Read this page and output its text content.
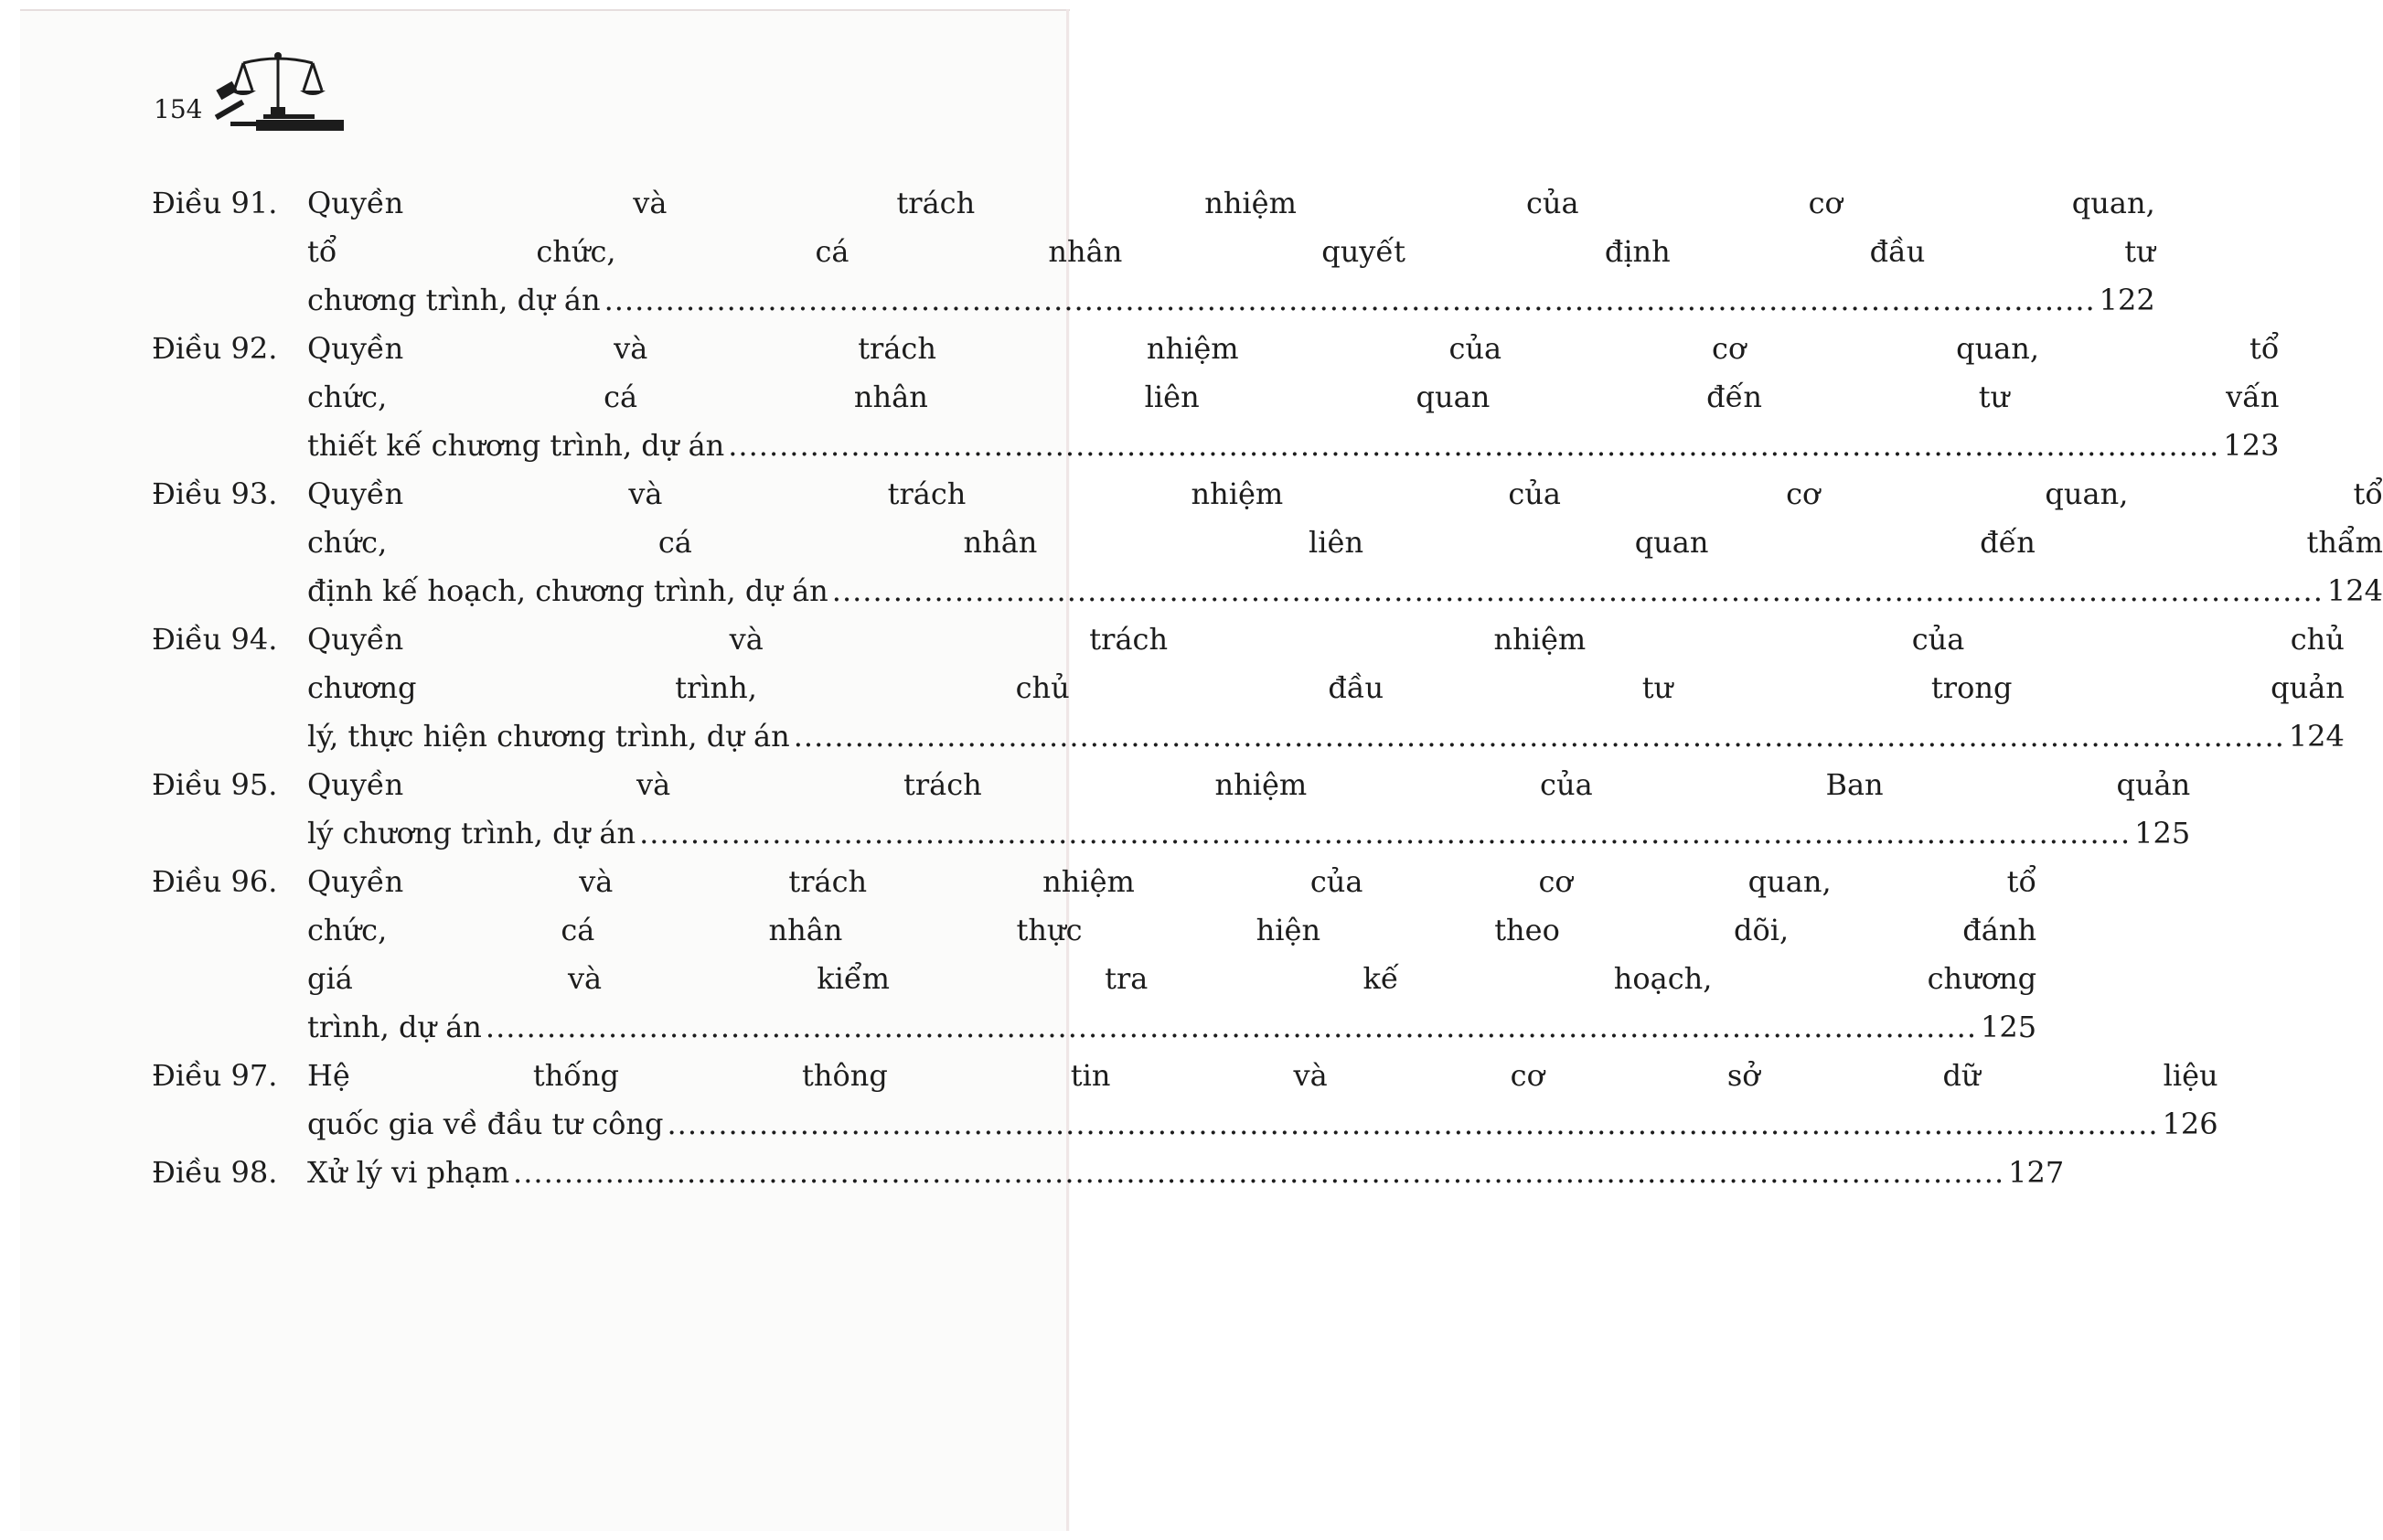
154
Điều 91.	Quyền và trách nhiệm của cơ quan,
tổ chức, cá nhân quyết định đầu tư
chương trình, dự án .....	122
Điều 92.	Quyền và trách nhiệm của cơ quan, tổ
chức, cá nhân liên quan đến tư vấn
thiết kế chương trình, dự án .....	123
Điều 93.	Quyền và trách nhiệm của cơ quan, tổ
chức, cá nhân liên quan đến thẩm
định kế hoạch, chương trình, dự án .....	124
Điều 94.	Quyền và trách nhiệm của chủ
chương trình, chủ đầu tư trong quản
lý, thực hiện chương trình, dự án .....	124
Điều 95.	Quyền và trách nhiệm của Ban quản
lý chương trình, dự án .....	125
Điều 96.	Quyền và trách nhiệm của cơ quan, tổ
chức, cá nhân thực hiện theo dõi, đánh
giá và kiểm tra kế hoạch, chương
trình, dự án .....	125
Điều 97.	Hệ thống thông tin và cơ sở dữ liệu
quốc gia về đầu tư công .....	126
Điều 98.	Xử lý vi phạm .....	127
